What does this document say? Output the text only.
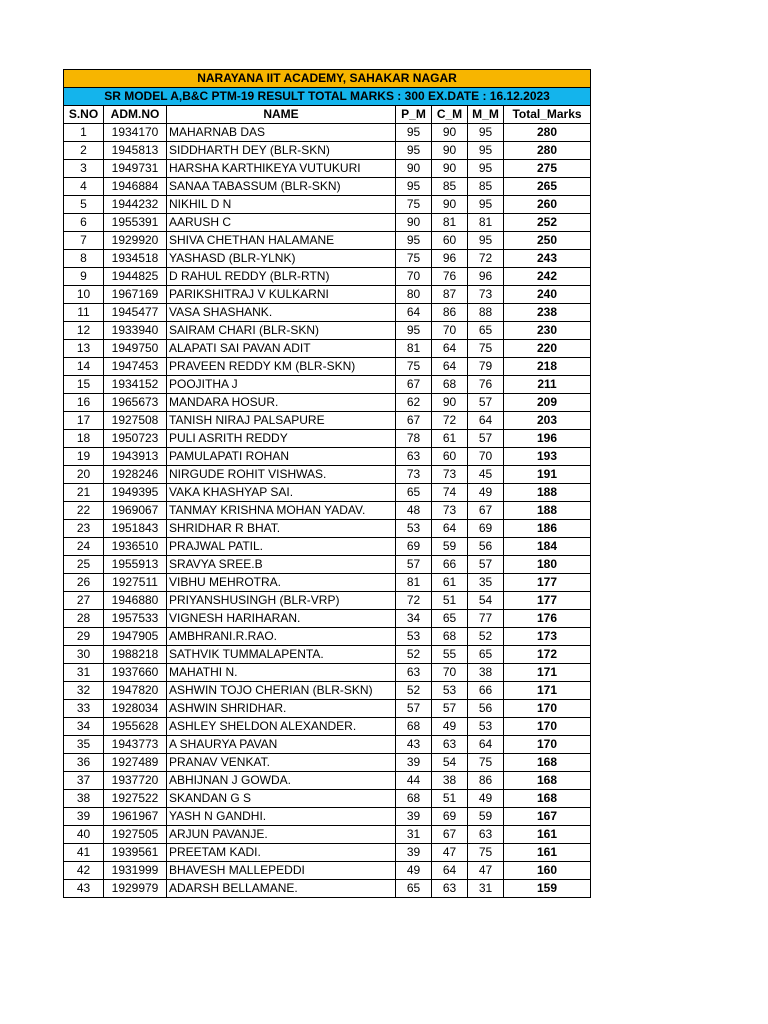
NARAYANA IIT ACADEMY, SAHAKAR NAGAR						
SR MODEL A,B&C PTM-19 RESULT TOTAL MARKS : 300 EX.DATE : 16.12.2023						
S.NO	ADM.NO	NAME	P_M	C_M	M_M	Total_Marks
1	1934170	MAHARNAB DAS	95	90	95	280
2	1945813	SIDDHARTH DEY (BLR-SKN)	95	90	95	280
3	1949731	HARSHA KARTHIKEYA VUTUKURI	90	90	95	275
4	1946884	SANAA TABASSUM (BLR-SKN)	95	85	85	265
5	1944232	NIKHIL D N	75	90	95	260
6	1955391	AARUSH C	90	81	81	252
7	1929920	SHIVA CHETHAN HALAMANE	95	60	95	250
8	1934518	YASHASD (BLR-YLNK)	75	96	72	243
9	1944825	D RAHUL REDDY (BLR-RTN)	70	76	96	242
10	1967169	PARIKSHITRAJ V KULKARNI	80	87	73	240
11	1945477	VASA SHASHANK.	64	86	88	238
12	1933940	SAIRAM CHARI (BLR-SKN)	95	70	65	230
13	1949750	ALAPATI SAI PAVAN ADIT	81	64	75	220
14	1947453	PRAVEEN REDDY KM (BLR-SKN)	75	64	79	218
15	1934152	POOJITHA J	67	68	76	211
16	1965673	MANDARA HOSUR.	62	90	57	209
17	1927508	TANISH NIRAJ PALSAPURE	67	72	64	203
18	1950723	PULI ASRITH REDDY	78	61	57	196
19	1943913	PAMULAPATI ROHAN	63	60	70	193
20	1928246	NIRGUDE ROHIT VISHWAS.	73	73	45	191
21	1949395	VAKA KHASHYAP SAI.	65	74	49	188
22	1969067	TANMAY KRISHNA MOHAN YADAV.	48	73	67	188
23	1951843	SHRIDHAR R BHAT.	53	64	69	186
24	1936510	PRAJWAL PATIL.	69	59	56	184
25	1955913	SRAVYA SREE.B	57	66	57	180
26	1927511	VIBHU MEHROTRA.	81	61	35	177
27	1946880	PRIYANSHUSINGH (BLR-VRP)	72	51	54	177
28	1957533	VIGNESH HARIHARAN.	34	65	77	176
29	1947905	AMBHRANI.R.RAO.	53	68	52	173
30	1988218	SATHVIK TUMMALAPENTA.	52	55	65	172
31	1937660	MAHATHI N.	63	70	38	171
32	1947820	ASHWIN TOJO CHERIAN (BLR-SKN)	52	53	66	171
33	1928034	ASHWIN SHRIDHAR.	57	57	56	170
34	1955628	ASHLEY SHELDON ALEXANDER.	68	49	53	170
35	1943773	A SHAURYA PAVAN	43	63	64	170
36	1927489	PRANAV VENKAT.	39	54	75	168
37	1937720	ABHIJNAN J GOWDA.	44	38	86	168
38	1927522	SKANDAN G S	68	51	49	168
39	1961967	YASH N GANDHI.	39	69	59	167
40	1927505	ARJUN PAVANJE.	31	67	63	161
41	1939561	PREETAM KADI.	39	47	75	161
42	1931999	BHAVESH MALLEPEDDI	49	64	47	160
43	1929979	ADARSH BELLAMANE.	65	63	31	159
